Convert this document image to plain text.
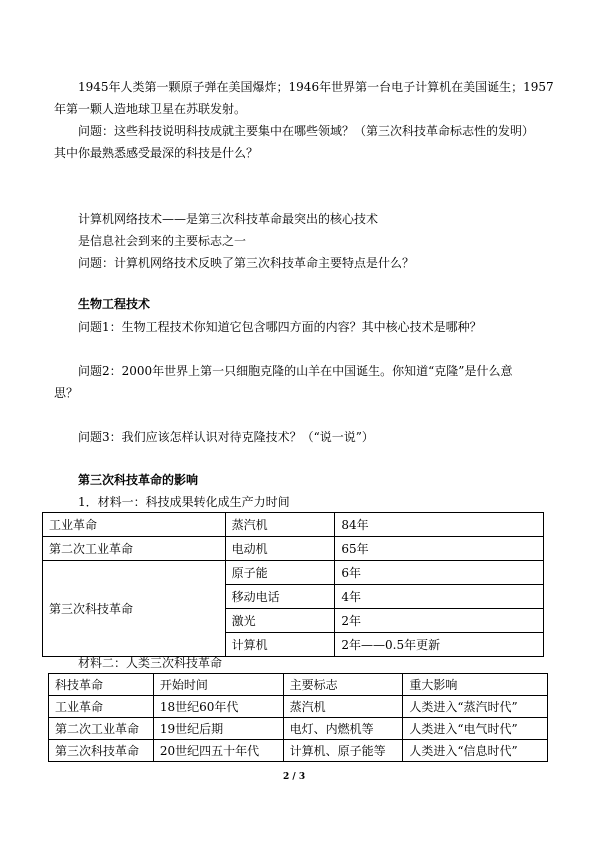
1945年人类第一颗原子弹在美国爆炸；1946年世界第一台电子计算机在美国诞生；1957
年第一颗人造地球卫星在苏联发射。
问题：这些科技说明科技成就主要集中在哪些领域？（第三次科技革命标志性的发明）
其中你最熟悉感受最深的科技是什么？
计算机网络技术——是第三次科技革命最突出的核心技术
是信息社会到来的主要标志之一
问题：计算机网络技术反映了第三次科技革命主要特点是什么？
生物工程技术
问题1：生物工程技术你知道它包含哪四方面的内容？其中核心技术是哪种？
问题2：2000年世界上第一只细胞克隆的山羊在中国诞生。你知道“克隆”是什么意
思？
问题3：我们应该怎样认识对待克隆技术？（“说一说”）
第三次科技革命的影响
1．材料一：科技成果转化成生产力时间
工业革命	蒸汽机	84年
第二次工业革命	电动机	65年
第三次科技革命	原子能	6年
	移动电话	4年
	激光	2年
	计算机	2年——0.5年更新
材料二：人类三次科技革命
科技革命	开始时间	主要标志	重大影响
工业革命	18世纪60年代	蒸汽机	人类进入“蒸汽时代”
第二次工业革命	19世纪后期	电灯、内燃机等	人类进入“电气时代”
第三次科技革命	20世纪四五十年代	计算机、原子能等	人类进入“信息时代”
2 / 3
